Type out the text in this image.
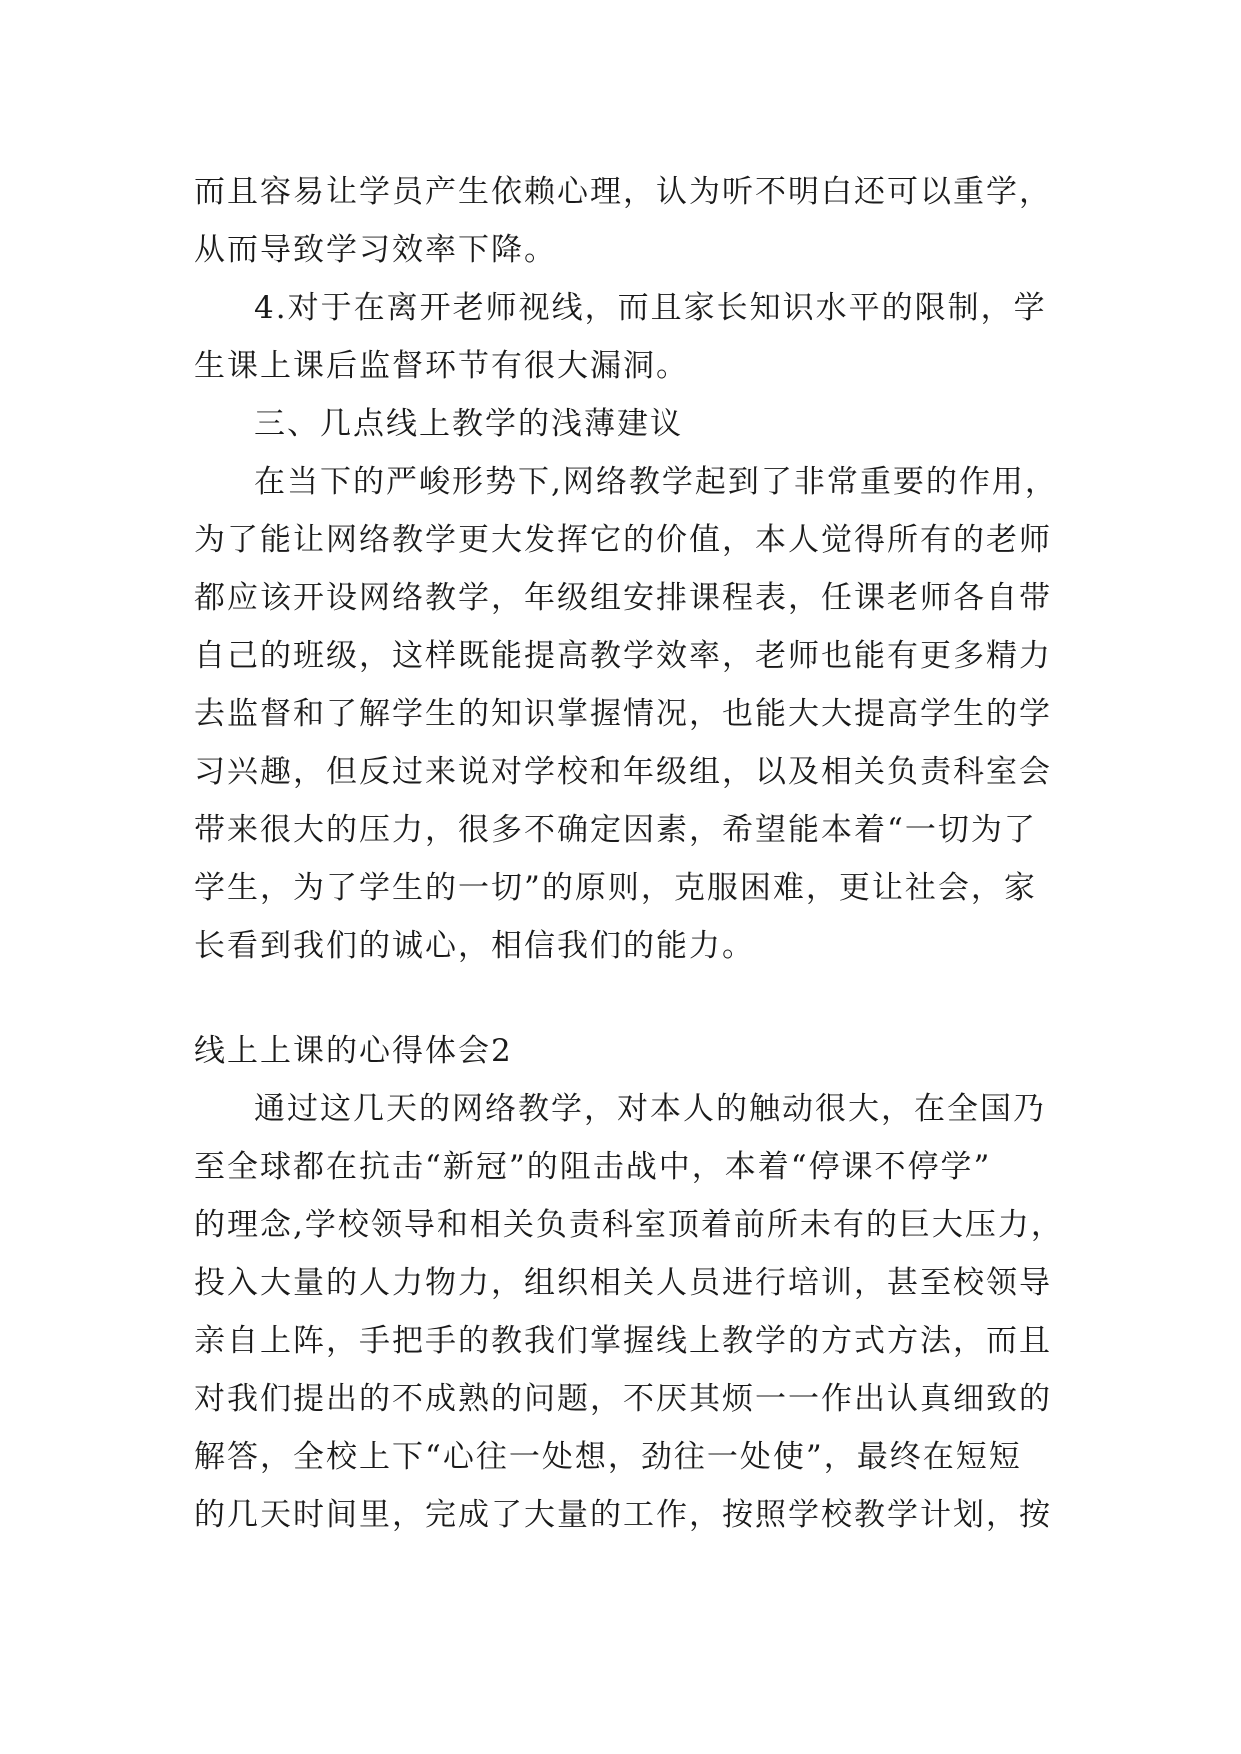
而且容易让学员产生依赖心理，认为听不明白还可以重学，
从而导致学习效率下降。
4.对于在离开老师视线，而且家长知识水平的限制，学
生课上课后监督环节有很大漏洞。
三、几点线上教学的浅薄建议
在当下的严峻形势下,网络教学起到了非常重要的作用，
为了能让网络教学更大发挥它的价值，本人觉得所有的老师
都应该开设网络教学，年级组安排课程表，任课老师各自带
自己的班级，这样既能提高教学效率，老师也能有更多精力
去监督和了解学生的知识掌握情况，也能大大提高学生的学
习兴趣，但反过来说对学校和年级组，以及相关负责科室会
带来很大的压力，很多不确定因素，希望能本着“一切为了
学生，为了学生的一切”的原则，克服困难，更让社会，家
长看到我们的诚心，相信我们的能力。
线上上课的心得体会2
通过这几天的网络教学，对本人的触动很大，在全国乃
至全球都在抗击“新冠”的阻击战中，本着“停课不停学”
的理念,学校领导和相关负责科室顶着前所未有的巨大压力，
投入大量的人力物力，组织相关人员进行培训，甚至校领导
亲自上阵，手把手的教我们掌握线上教学的方式方法，而且
对我们提出的不成熟的问题，不厌其烦一一作出认真细致的
解答，全校上下“心往一处想，劲往一处使”，最终在短短
的几天时间里，完成了大量的工作，按照学校教学计划，按
